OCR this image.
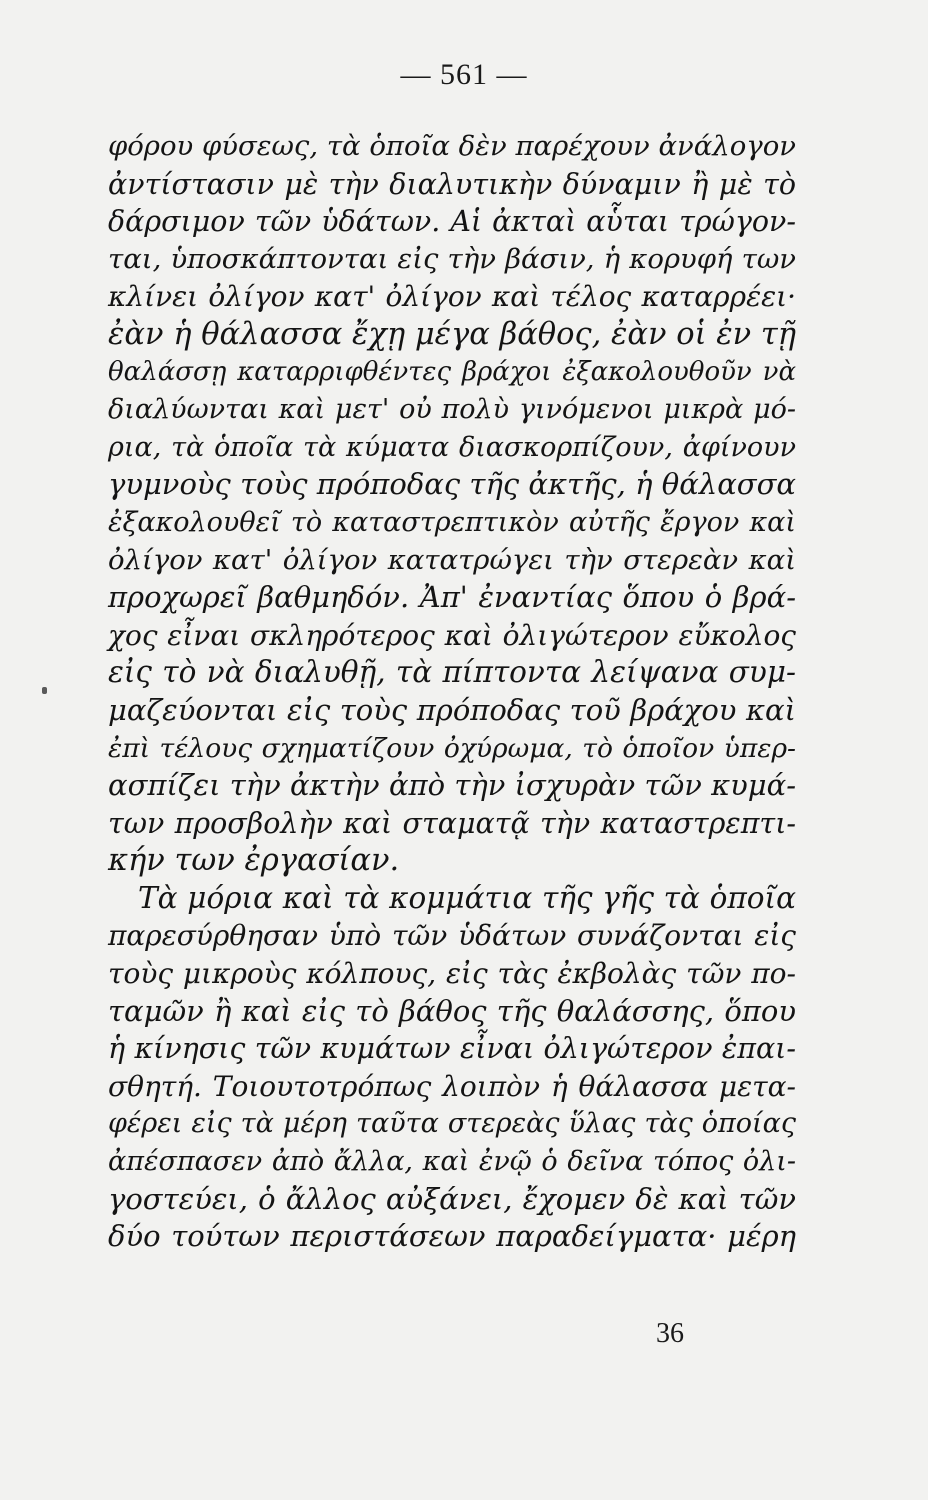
— 561 —
φόρου φύσεως, τὰ ὁποῖα δὲν παρέχουν ἀνάλογον
ἀντίστασιν μὲ τὴν διαλυτικὴν δύναμιν ἢ μὲ τὸ
δάρσιμον τῶν ὑδάτων. Αἱ ἀκταὶ αὗται τρώγον-
ται, ὑποσκάπτονται εἰς τὴν βάσιν, ἡ κορυφή των
κλίνει ὀλίγον κατ' ὀλίγον καὶ τέλος καταρρέει·
ἐὰν ἡ θάλασσα ἔχῃ μέγα βάθος, ἐὰν οἱ ἐν τῇ
θαλάσσῃ καταρριφθέντες βράχοι ἐξακολουθοῦν νὰ
διαλύωνται καὶ μετ' οὐ πολὺ γινόμενοι μικρὰ μό-
ρια, τὰ ὁποῖα τὰ κύματα διασκορπίζουν, ἀφίνουν
γυμνοὺς τοὺς πρόποδας τῆς ἀκτῆς, ἡ θάλασσα
ἐξακολουθεῖ τὸ καταστρεπτικὸν αὐτῆς ἔργον καὶ
ὀλίγον κατ' ὀλίγον κατατρώγει τὴν στερεὰν καὶ
προχωρεῖ βαθμηδόν. Ἀπ' ἐναντίας ὅπου ὁ βρά-
χος εἶναι σκληρότερος καὶ ὀλιγώτερον εὔκολος
εἰς τὸ νὰ διαλυθῇ, τὰ πίπτοντα λείψανα συμ-
μαζεύονται εἰς τοὺς πρόποδας τοῦ βράχου καὶ
ἐπὶ τέλους σχηματίζουν ὀχύρωμα, τὸ ὁποῖον ὑπερ-
ασπίζει τὴν ἀκτὴν ἀπὸ τὴν ἰσχυρὰν τῶν κυμά-
των προσβολὴν καὶ σταματᾷ τὴν καταστρεπτι-
κήν των ἐργασίαν.
Τὰ μόρια καὶ τὰ κομμάτια τῆς γῆς τὰ ὁποῖα
παρεσύρθησαν ὑπὸ τῶν ὑδάτων συνάζονται εἰς
τοὺς μικροὺς κόλπους, εἰς τὰς ἐκβολὰς τῶν πο-
ταμῶν ἢ καὶ εἰς τὸ βάθος τῆς θαλάσσης, ὅπου
ἡ κίνησις τῶν κυμάτων εἶναι ὀλιγώτερον ἐπαι-
σθητή. Τοιουτοτρόπως λοιπὸν ἡ θάλασσα μετα-
φέρει εἰς τὰ μέρη ταῦτα στερεὰς ὕλας τὰς ὁποίας
ἀπέσπασεν ἀπὸ ἄλλα, καὶ ἐνῷ ὁ δεῖνα τόπος ὀλι-
γοστεύει, ὁ ἄλλος αὐξάνει, ἔχομεν δὲ καὶ τῶν
δύο τούτων περιστάσεων παραδείγματα· μέρη
36
